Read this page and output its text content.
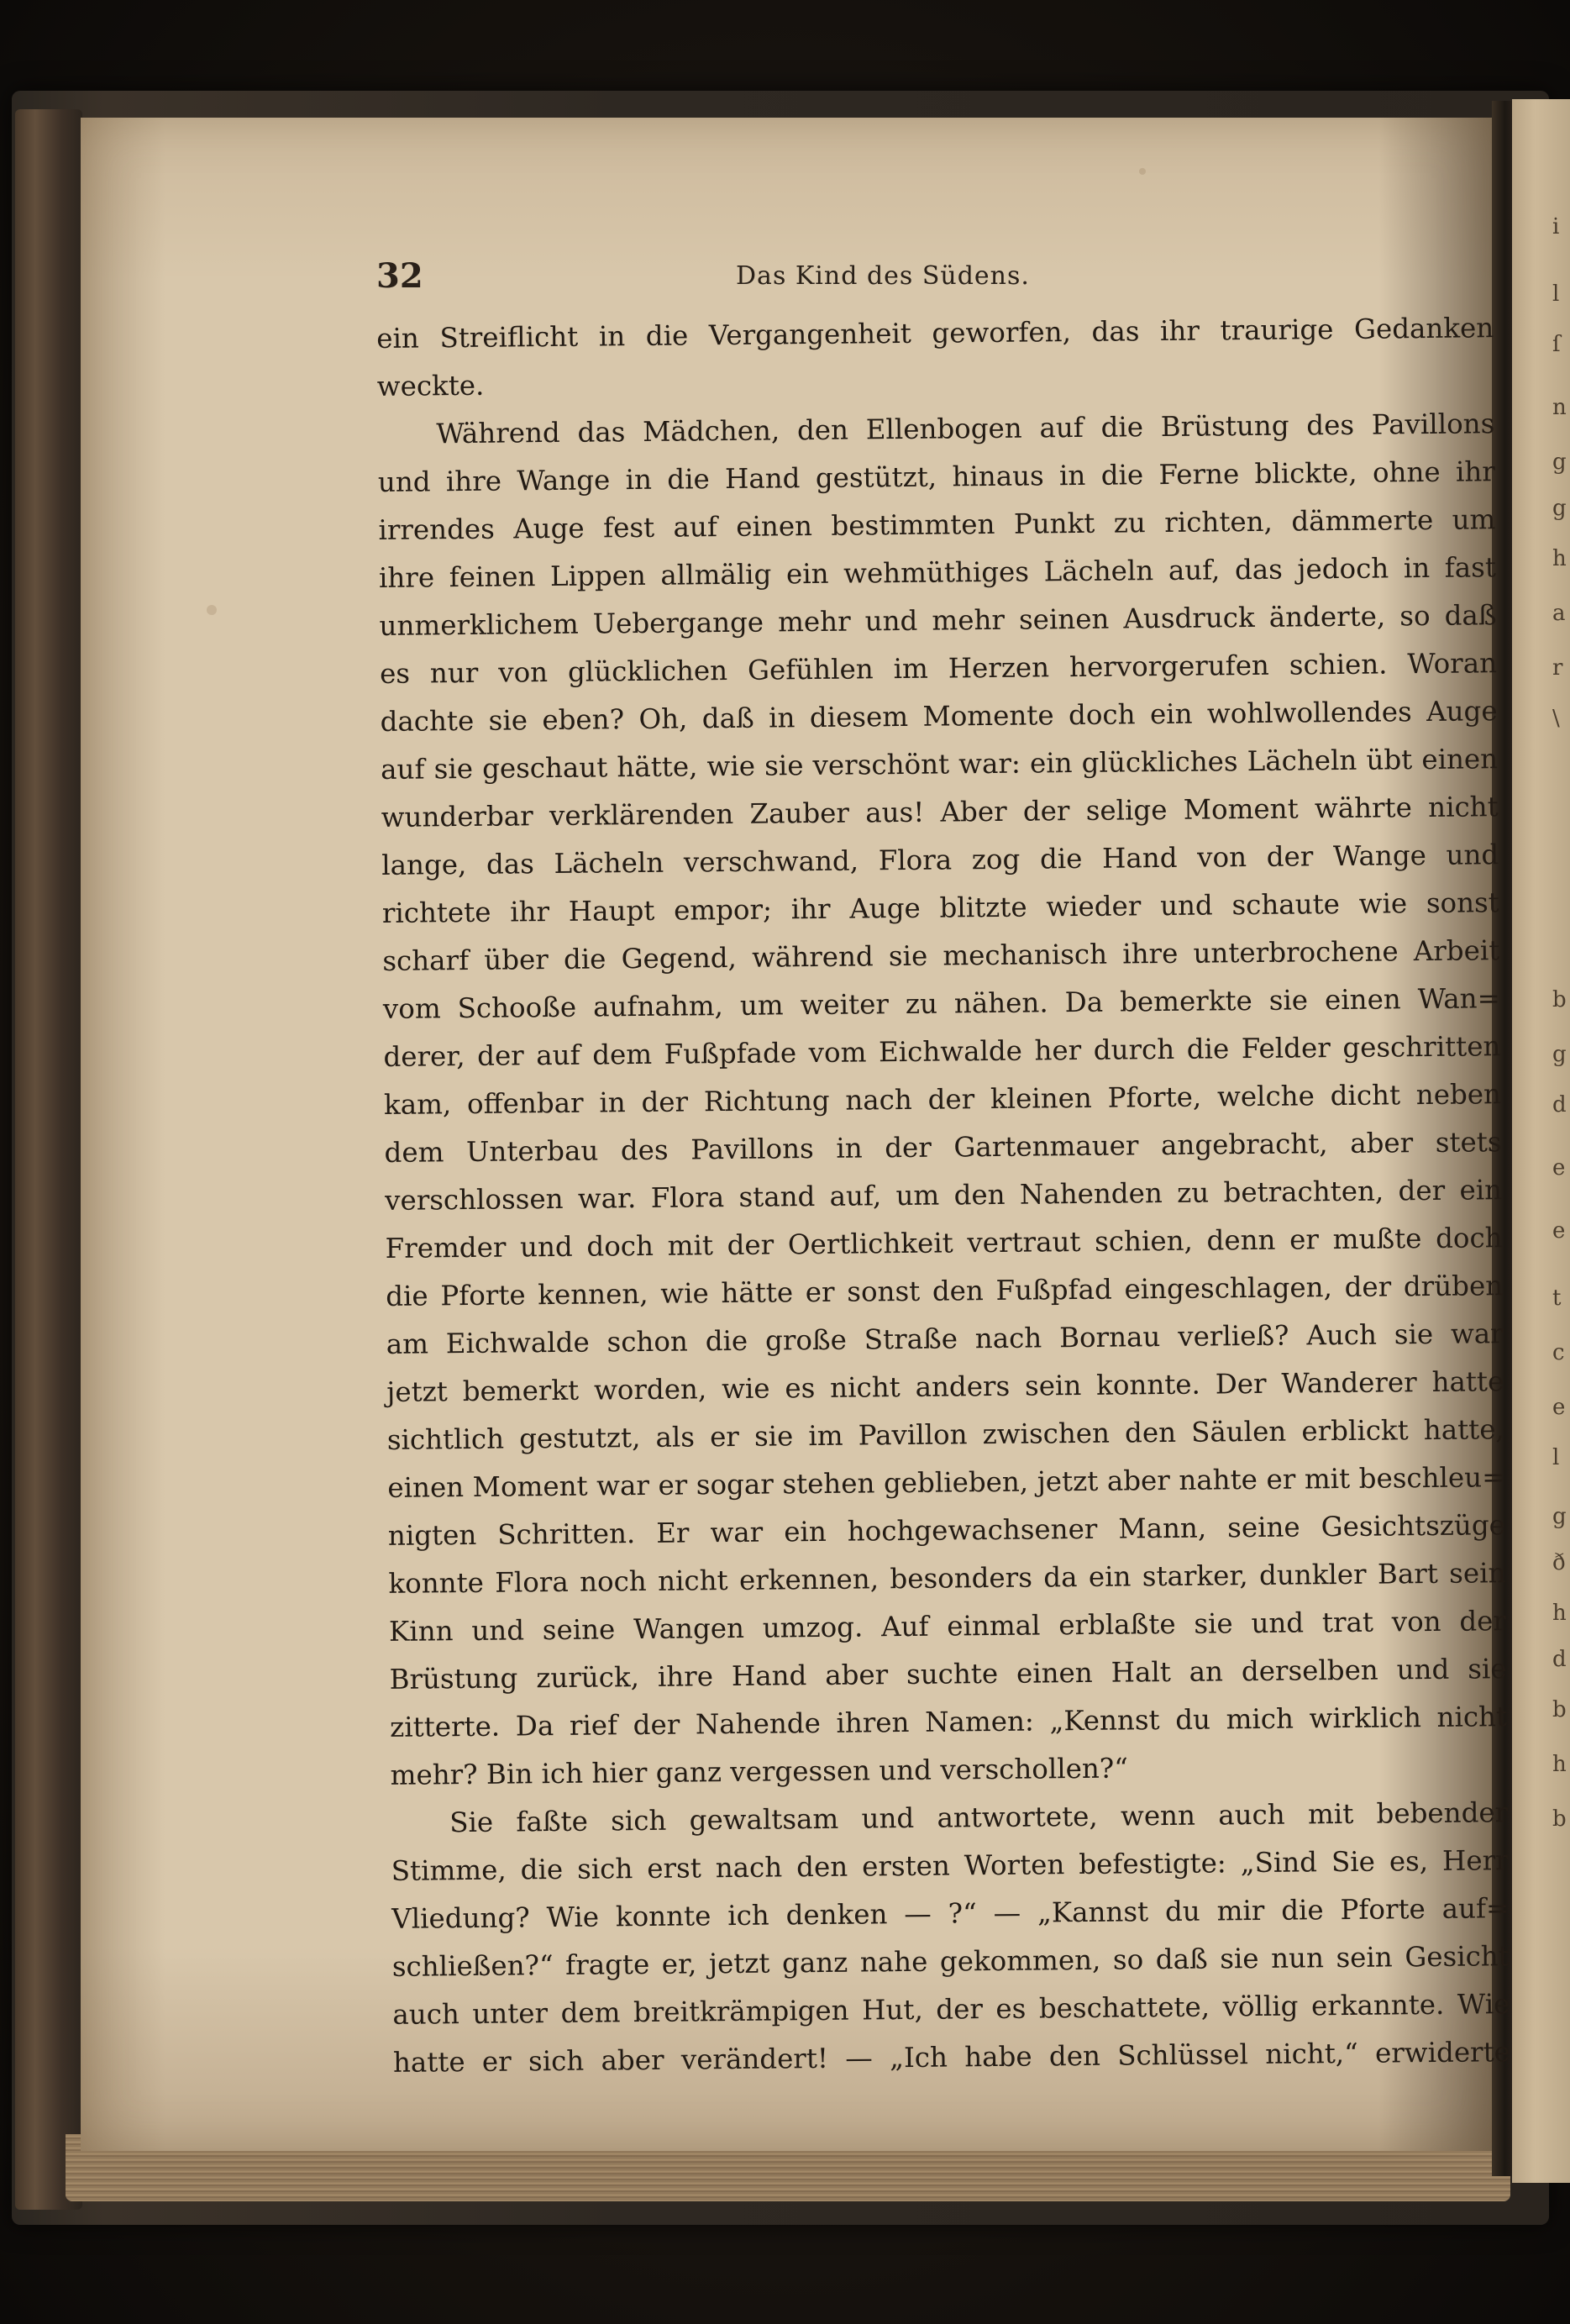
32	Das Kind des Südens.
ein Streiflicht in die Vergangenheit geworfen, das ihr traurige Gedanken
weckte.
Während das Mädchen, den Ellenbogen auf die Brüstung des Pavillons
und ihre Wange in die Hand gestützt, hinaus in die Ferne blickte, ohne ihr
irrendes Auge fest auf einen bestimmten Punkt zu richten, dämmerte um
ihre feinen Lippen allmälig ein wehmüthiges Lächeln auf, das jedoch in fast
unmerklichem Uebergange mehr und mehr seinen Ausdruck änderte, so daß
es nur von glücklichen Gefühlen im Herzen hervorgerufen schien. Woran
dachte sie eben? Oh, daß in diesem Momente doch ein wohlwollendes Auge
auf sie geschaut hätte, wie sie verschönt war: ein glückliches Lächeln übt einen
wunderbar verklärenden Zauber aus! Aber der selige Moment währte nicht
lange, das Lächeln verschwand, Flora zog die Hand von der Wange und
richtete ihr Haupt empor; ihr Auge blitzte wieder und schaute wie sonst
scharf über die Gegend, während sie mechanisch ihre unterbrochene Arbeit
vom Schooße aufnahm, um weiter zu nähen. Da bemerkte sie einen Wan=
derer, der auf dem Fußpfade vom Eichwalde her durch die Felder geschritten
kam, offenbar in der Richtung nach der kleinen Pforte, welche dicht neben
dem Unterbau des Pavillons in der Gartenmauer angebracht, aber stets
verschlossen war. Flora stand auf, um den Nahenden zu betrachten, der ein
Fremder und doch mit der Oertlichkeit vertraut schien, denn er mußte doch
die Pforte kennen, wie hätte er sonst den Fußpfad eingeschlagen, der drüben
am Eichwalde schon die große Straße nach Bornau verließ? Auch sie war
jetzt bemerkt worden, wie es nicht anders sein konnte. Der Wanderer hatte
sichtlich gestutzt, als er sie im Pavillon zwischen den Säulen erblickt hatte,
einen Moment war er sogar stehen geblieben, jetzt aber nahte er mit beschleu=
nigten Schritten. Er war ein hochgewachsener Mann, seine Gesichtszüge
konnte Flora noch nicht erkennen, besonders da ein starker, dunkler Bart sein
Kinn und seine Wangen umzog. Auf einmal erblaßte sie und trat von der
Brüstung zurück, ihre Hand aber suchte einen Halt an derselben und sie
zitterte. Da rief der Nahende ihren Namen: „Kennst du mich wirklich nicht
mehr? Bin ich hier ganz vergessen und verschollen?“
Sie faßte sich gewaltsam und antwortete, wenn auch mit bebender
Stimme, die sich erst nach den ersten Worten befestigte: „Sind Sie es, Herr
Vliedung? Wie konnte ich denken — ?“ — „Kannst du mir die Pforte auf=
schließen?“ fragte er, jetzt ganz nahe gekommen, so daß sie nun sein Gesicht
auch unter dem breitkrämpigen Hut, der es beschattete, völlig erkannte. Wie
hatte er sich aber verändert! — „Ich habe den Schlüssel nicht,“ erwiderte
i
l
ſ
n
g
g
h
a
r
\
b
g
d
e
e
t
c
e
l
g
ð
h
d
b
h
b
